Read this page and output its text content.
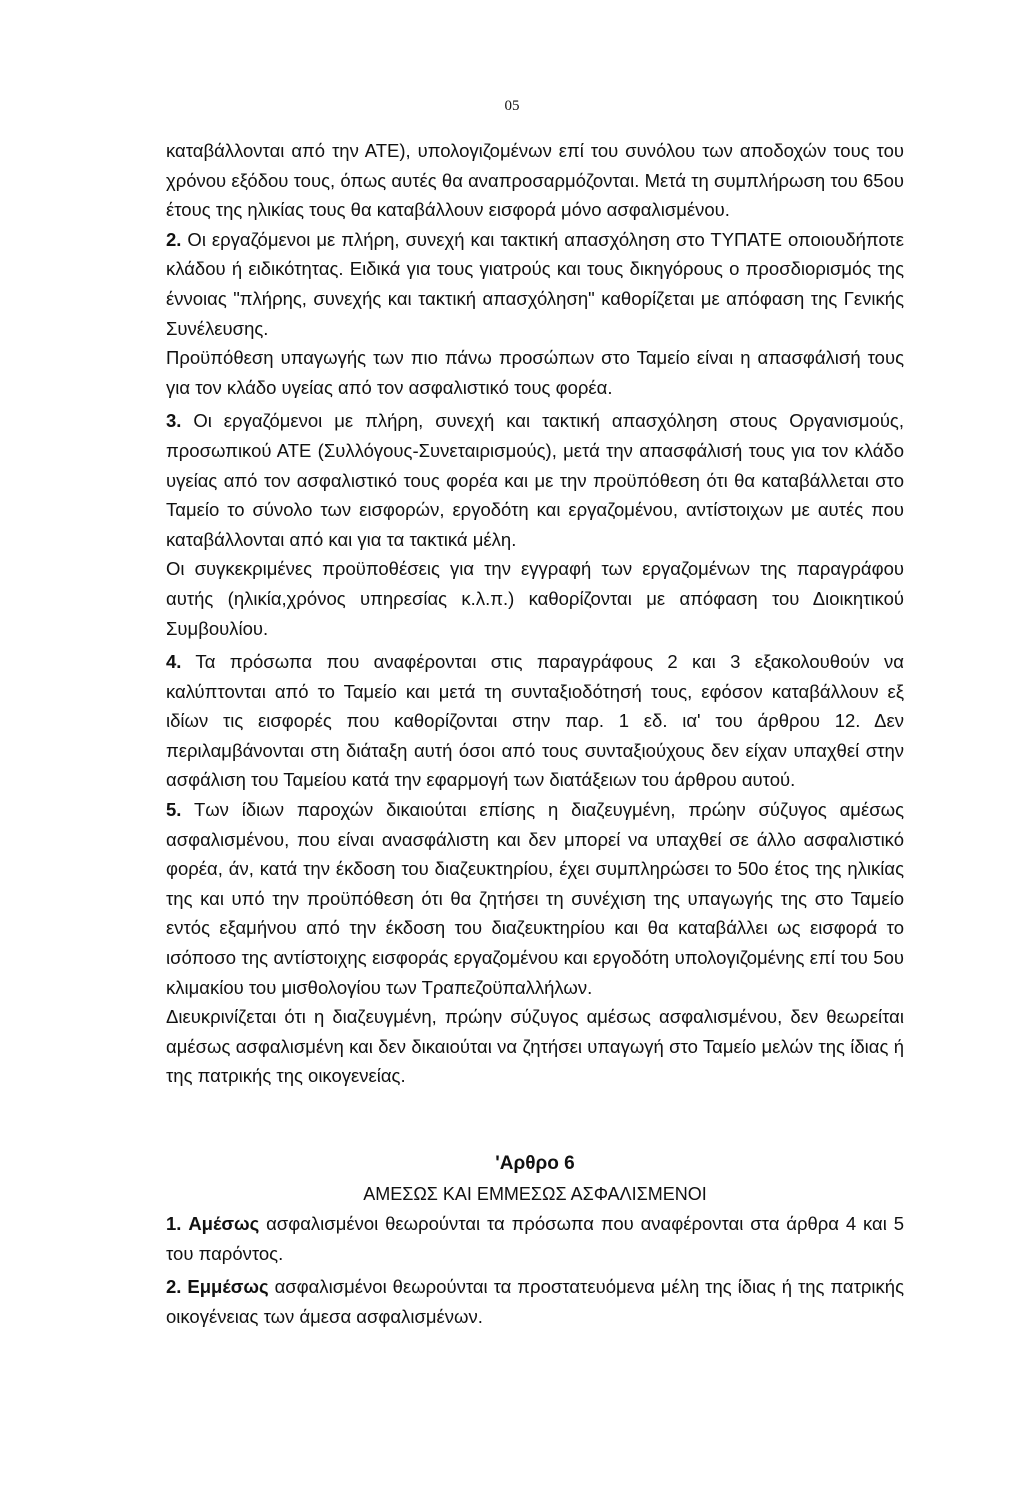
05

καταβάλλονται από την ΑΤΕ), υπολογιζομένων επί του συνόλου των αποδοχών τους του χρόνου εξόδου τους, όπως αυτές θα αναπροσαρμόζονται. Μετά τη συμπλήρωση του 65ου έτους της ηλικίας τους θα καταβάλλουν εισφορά μόνο ασφαλισμένου.

2. Οι εργαζόμενοι με πλήρη, συνεχή και τακτική απασχόληση στο ΤΥΠΑΤΕ οποιουδήποτε κλάδου ή ειδικότητας. Ειδικά για τους γιατρούς και τους δικηγόρους ο προσδιορισμός της έννοιας "πλήρης, συνεχής και τακτική απασχόληση" καθορίζεται με απόφαση της Γενικής Συνέλευσης.

Προϋπόθεση υπαγωγής των πιο πάνω προσώπων στο Ταμείο είναι η απασφάλισή τους για τον κλάδο υγείας από τον ασφαλιστικό τους φορέα.

3. Οι εργαζόμενοι με πλήρη, συνεχή και τακτική απασχόληση στους Οργανισμούς, προσωπικού ΑΤΕ (Συλλόγους-Συνεταιρισμούς), μετά την απασφάλισή τους για τον κλάδο υγείας από τον ασφαλιστικό τους φορέα και με την προϋπόθεση ότι θα καταβάλλεται στο Ταμείο το σύνολο των εισφορών, εργοδότη και εργαζομένου, αντίστοιχων με αυτές που καταβάλλονται από και για τα τακτικά μέλη.

Οι συγκεκριμένες προϋποθέσεις για την εγγραφή των εργαζομένων της παραγράφου αυτής (ηλικία,χρόνος υπηρεσίας κ.λ.π.) καθορίζονται με απόφαση του Διοικητικού Συμβουλίου.

4. Τα πρόσωπα που αναφέρονται στις παραγράφους 2 και 3 εξακολουθούν να καλύπτονται από το Ταμείο και μετά τη συνταξιοδότησή τους, εφόσον καταβάλλουν εξ ιδίων τις εισφορές που καθορίζονται στην παρ. 1 εδ. ια' του άρθρου 12. Δεν περιλαμβάνονται στη διάταξη αυτή όσοι από τους συνταξιούχους δεν είχαν υπαχθεί στην ασφάλιση του Ταμείου κατά την εφαρμογή των διατάξειων του άρθρου αυτού.

5. Των ίδιων παροχών δικαιούται επίσης η διαζευγμένη, πρώην σύζυγος αμέσως ασφαλισμένου, που είναι ανασφάλιστη και δεν μπορεί να υπαχθεί σε άλλο ασφαλιστικό φορέα, άν, κατά την έκδοση του διαζευκτηρίου, έχει συμπληρώσει το 50ο έτος της ηλικίας της και υπό την προϋπόθεση ότι θα ζητήσει τη συνέχιση της υπαγωγής της στο Ταμείο εντός εξαμήνου από την έκδοση του διαζευκτηρίου και θα καταβάλλει ως εισφορά το ισόποσο της αντίστοιχης εισφοράς εργαζομένου και εργοδότη υπολογιζομένης επί του 5ου κλιμακίου του μισθολογίου των Τραπεζοϋπαλλήλων.

Διευκρινίζεται ότι η διαζευγμένη, πρώην σύζυγος αμέσως ασφαλισμένου, δεν θεωρείται αμέσως ασφαλισμένη και δεν δικαιούται να ζητήσει υπαγωγή στο Ταμείο μελών της ίδιας ή της πατρικής της οικογενείας.

'Αρθρο 6

ΑΜΕΣΩΣ ΚΑΙ ΕΜΜΕΣΩΣ ΑΣΦΑΛΙΣΜΕΝΟΙ

1. Αμέσως ασφαλισμένοι θεωρούνται τα πρόσωπα που αναφέρονται στα άρθρα 4 και 5 του παρόντος.

2. Εμμέσως ασφαλισμένοι θεωρούνται τα προστατευόμενα μέλη της ίδιας ή της πατρικής οικογένειας των άμεσα ασφαλισμένων.
